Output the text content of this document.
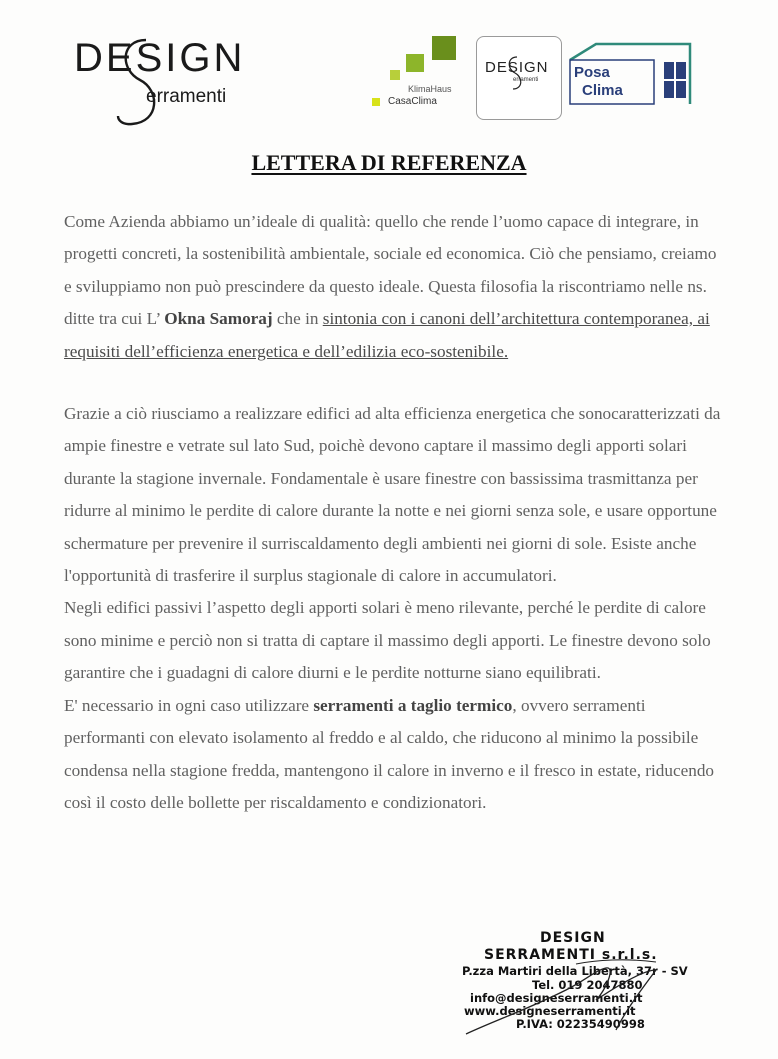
DESIGN
erramenti	KlimaHaus
CasaClima
DESIGN
erramenti Posa
Clima
LETTERA DI REFERENZA

Come Azienda abbiamo un’ideale di qualità: quello che rende l’uomo capace di integrare, in progetti concreti, la sostenibilità ambientale, sociale ed economica. Ciò che pensiamo, creiamo e sviluppiamo non può prescindere da questo ideale. Questa filosofia la riscontriamo nelle ns. ditte tra cui L’ Okna Samoraj che in sintonia con i canoni dell’architettura contemporanea, ai requisiti dell’efficienza energetica e dell’edilizia eco-sostenibile.

Grazie a ciò riusciamo a realizzare edifici ad alta efficienza energetica che sonocaratterizzati da ampie finestre e vetrate sul lato Sud, poichè devono captare il massimo degli apporti solari durante la stagione invernale. Fondamentale è usare finestre con bassissima trasmittanza per ridurre al minimo le perdite di calore durante la notte e nei giorni senza sole, e usare opportune schermature per prevenire il surriscaldamento degli ambienti nei giorni di sole. Esiste anche l'opportunità di trasferire il surplus stagionale di calore in accumulatori.

Negli edifici passivi l’aspetto degli apporti solari è meno rilevante, perché le perdite di calore sono minime e perciò non si tratta di captare il massimo degli apporti. Le finestre devono solo garantire che i guadagni di calore diurni e le perdite notturne siano equilibrati.

E' necessario in ogni caso utilizzare serramenti a taglio termico, ovvero serramenti performanti con elevato isolamento al freddo e al caldo, che riducono al minimo la possibile condensa nella stagione fredda, mantengono il calore in inverno e il fresco in estate, riducendo così il costo delle bollette per riscaldamento e condizionatori.

DESIGN
SERRAMENTI s.r.l.s.
P.zza Martiri della Libertà, 37r - SV
Tel. 019 2047880
info@designeserramenti.it
www.designeserramenti.it
P.IVA: 02235490998
